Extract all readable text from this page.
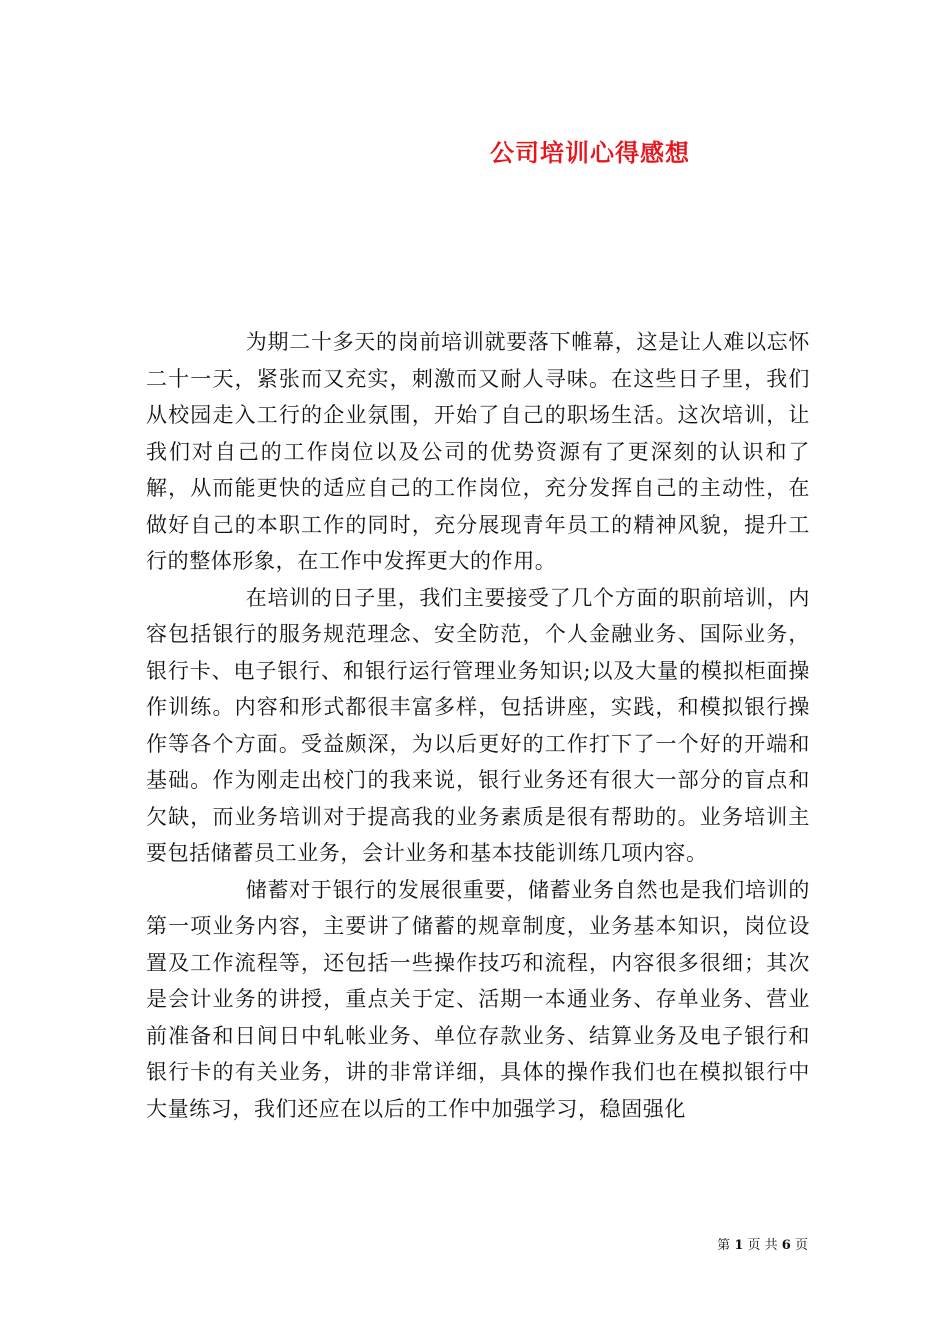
公司培训心得感想

为期二十多天的岗前培训就要落下帷幕，这是让人难以忘怀二十一天，紧张而又充实，刺激而又耐人寻味。在这些日子里，我们从校园走入工行的企业氛围，开始了自己的职场生活。这次培训，让我们对自己的工作岗位以及公司的优势资源有了更深刻的认识和了解，从而能更快的适应自己的工作岗位，充分发挥自己的主动性，在做好自己的本职工作的同时，充分展现青年员工的精神风貌，提升工行的整体形象，在工作中发挥更大的作用。

在培训的日子里，我们主要接受了几个方面的职前培训，内容包括银行的服务规范理念、安全防范，个人金融业务、国际业务，银行卡、电子银行、和银行运行管理业务知识;以及大量的模拟柜面操作训练。内容和形式都很丰富多样，包括讲座，实践，和模拟银行操作等各个方面。受益颇深，为以后更好的工作打下了一个好的开端和基础。作为刚走出校门的我来说，银行业务还有很大一部分的盲点和欠缺，而业务培训对于提高我的业务素质是很有帮助的。业务培训主要包括储蓄员工业务，会计业务和基本技能训练几项内容。

储蓄对于银行的发展很重要，储蓄业务自然也是我们培训的第一项业务内容，主要讲了储蓄的规章制度，业务基本知识，岗位设置及工作流程等，还包括一些操作技巧和流程，内容很多很细；其次是会计业务的讲授，重点关于定、活期一本通业务、存单业务、营业前准备和日间日中轧帐业务、单位存款业务、结算业务及电子银行和银行卡的有关业务，讲的非常详细，具体的操作我们也在模拟银行中大量练习，我们还应在以后的工作中加强学习，稳固强化

第 1 页 共 6 页
